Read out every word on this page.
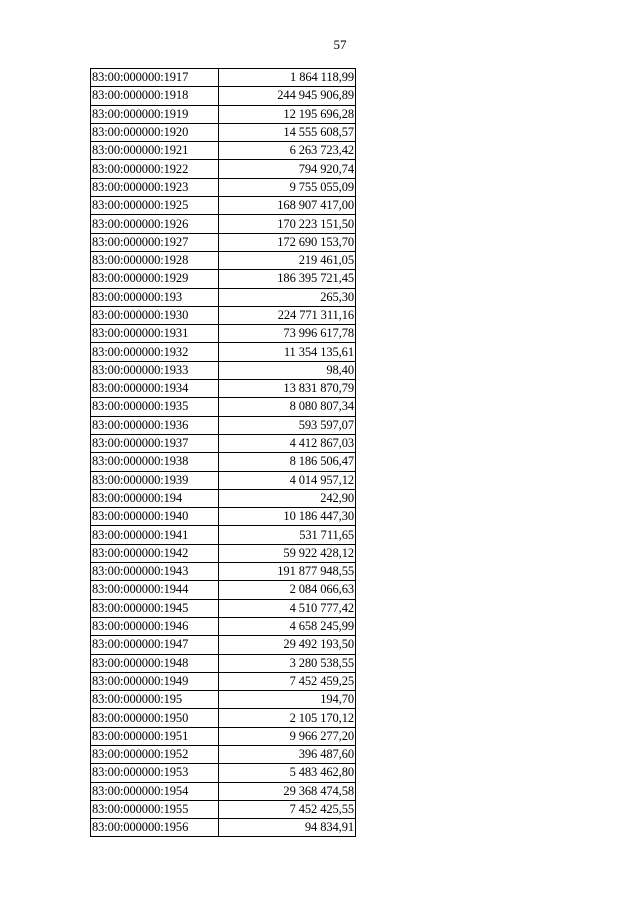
57
83:00:000000:1917	1 864 118,99
83:00:000000:1918	244 945 906,89
83:00:000000:1919	12 195 696,28
83:00:000000:1920	14 555 608,57
83:00:000000:1921	6 263 723,42
83:00:000000:1922	794 920,74
83:00:000000:1923	9 755 055,09
83:00:000000:1925	168 907 417,00
83:00:000000:1926	170 223 151,50
83:00:000000:1927	172 690 153,70
83:00:000000:1928	219 461,05
83:00:000000:1929	186 395 721,45
83:00:000000:193	265,30
83:00:000000:1930	224 771 311,16
83:00:000000:1931	73 996 617,78
83:00:000000:1932	11 354 135,61
83:00:000000:1933	98,40
83:00:000000:1934	13 831 870,79
83:00:000000:1935	8 080 807,34
83:00:000000:1936	593 597,07
83:00:000000:1937	4 412 867,03
83:00:000000:1938	8 186 506,47
83:00:000000:1939	4 014 957,12
83:00:000000:194	242,90
83:00:000000:1940	10 186 447,30
83:00:000000:1941	531 711,65
83:00:000000:1942	59 922 428,12
83:00:000000:1943	191 877 948,55
83:00:000000:1944	2 084 066,63
83:00:000000:1945	4 510 777,42
83:00:000000:1946	4 658 245,99
83:00:000000:1947	29 492 193,50
83:00:000000:1948	3 280 538,55
83:00:000000:1949	7 452 459,25
83:00:000000:195	194,70
83:00:000000:1950	2 105 170,12
83:00:000000:1951	9 966 277,20
83:00:000000:1952	396 487,60
83:00:000000:1953	5 483 462,80
83:00:000000:1954	29 368 474,58
83:00:000000:1955	7 452 425,55
83:00:000000:1956	94 834,91
